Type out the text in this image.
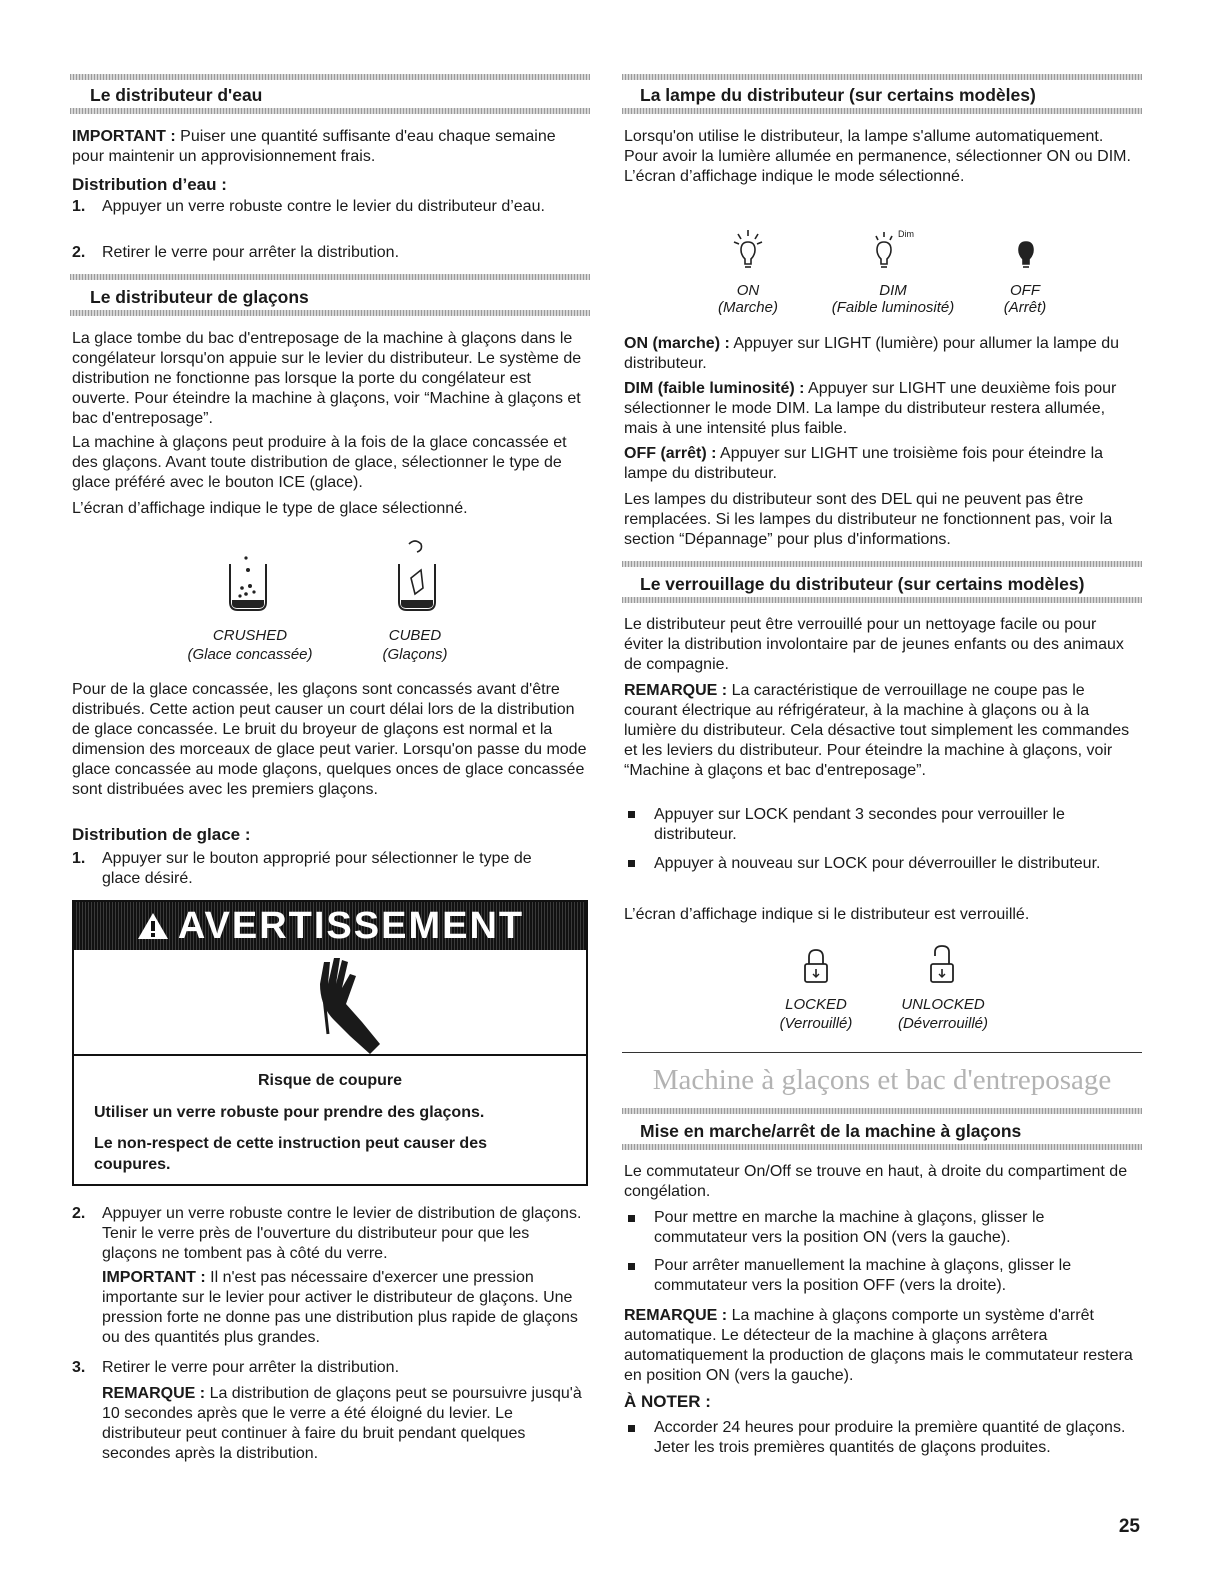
Le distributeur d'eau

IMPORTANT : Puiser une quantité suffisante d'eau chaque semaine pour maintenir un approvisionnement frais.

Distribution d’eau :
1. Appuyer un verre robuste contre le levier du distributeur d’eau.

2. Retirer le verre pour arrêter la distribution.

Le distributeur de glaçons

La glace tombe du bac d'entreposage de la machine à glaçons dans le congélateur lorsqu'on appuie sur le levier du distributeur. Le système de distribution ne fonctionne pas lorsque la porte du congélateur est ouverte. Pour éteindre la machine à glaçons, voir “Machine à glaçons et bac d'entreposage”.

La machine à glaçons peut produire à la fois de la glace concassée et des glaçons. Avant toute distribution de glace, sélectionner le type de glace préféré avec le bouton ICE (glace).

L’écran d’affichage indique le type de glace sélectionné.

CRUSHED
(Glace concassée)
CUBED
(Glaçons)

Pour de la glace concassée, les glaçons sont concassés avant d'être distribués. Cette action peut causer un court délai lors de la distribution de glace concassée. Le bruit du broyeur de glaçons est normal et la dimension des morceaux de glace peut varier. Lorsqu'on passe du mode glace concassée au mode glaçons, quelques onces de glace concassée sont distribuées avec les premiers glaçons.

Distribution de glace :
1. Appuyer sur le bouton approprié pour sélectionner le type de glace désiré.

AVERTISSEMENT
Risque de coupure
Utiliser un verre robuste pour prendre des glaçons.
Le non-respect de cette instruction peut causer des coupures.
2. Appuyer un verre robuste contre le levier de distribution de glaçons. Tenir le verre près de l'ouverture du distributeur pour que les glaçons ne tombent pas à côté du verre.

IMPORTANT : Il n'est pas nécessaire d'exercer une pression importante sur le levier pour activer le distributeur de glaçons. Une pression forte ne donne pas une distribution plus rapide de glaçons ou des quantités plus grandes.

3. Retirer le verre pour arrêter la distribution.

REMARQUE : La distribution de glaçons peut se poursuivre jusqu'à 10 secondes après que le verre a été éloigné du levier. Le distributeur peut continuer à faire du bruit pendant quelques secondes après la distribution.

La lampe du distributeur (sur certains modèles)

Lorsqu'on utilise le distributeur, la lampe s'allume automatiquement. Pour avoir la lumière allumée en permanence, sélectionner ON ou DIM. L’écran d’affichage indique le mode sélectionné.

Dim
ON
(Marche)
DIM
(Faible luminosité)
OFF
(Arrêt)

ON (marche) : Appuyer sur LIGHT (lumière) pour allumer la lampe du distributeur.

DIM (faible luminosité) : Appuyer sur LIGHT une deuxième fois pour sélectionner le mode DIM. La lampe du distributeur restera allumée, mais à une intensité plus faible.

OFF (arrêt) : Appuyer sur LIGHT une troisième fois pour éteindre la lampe du distributeur.

Les lampes du distributeur sont des DEL qui ne peuvent pas être remplacées. Si les lampes du distributeur ne fonctionnent pas, voir la section “Dépannage” pour plus d'informations.

Le verrouillage du distributeur (sur certains modèles)

Le distributeur peut être verrouillé pour un nettoyage facile ou pour éviter la distribution involontaire par de jeunes enfants ou des animaux de compagnie.

REMARQUE : La caractéristique de verrouillage ne coupe pas le courant électrique au réfrigérateur, à la machine à glaçons ou à la lumière du distributeur. Cela désactive tout simplement les commandes et les leviers du distributeur. Pour éteindre la machine à glaçons, voir “Machine à glaçons et bac d'entreposage”.

Appuyer sur LOCK pendant 3 secondes pour verrouiller le distributeur.

Appuyer à nouveau sur LOCK pour déverrouiller le distributeur.

L’écran d’affichage indique si le distributeur est verrouillé.

LOCKED
(Verrouillé)
UNLOCKED
(Déverrouillé)
Machine à glaçons et bac d'entreposage
Mise en marche/arrêt de la machine à glaçons

Le commutateur On/Off se trouve en haut, à droite du compartiment de congélation.

Pour mettre en marche la machine à glaçons, glisser le commutateur vers la position ON (vers la gauche).

Pour arrêter manuellement la machine à glaçons, glisser le commutateur vers la position OFF (vers la droite).

REMARQUE : La machine à glaçons comporte un système d'arrêt automatique. Le détecteur de la machine à glaçons arrêtera automatiquement la production de glaçons mais le commutateur restera en position ON (vers la gauche).

À NOTER :

Accorder 24 heures pour produire la première quantité de glaçons. Jeter les trois premières quantités de glaçons produites.

25
